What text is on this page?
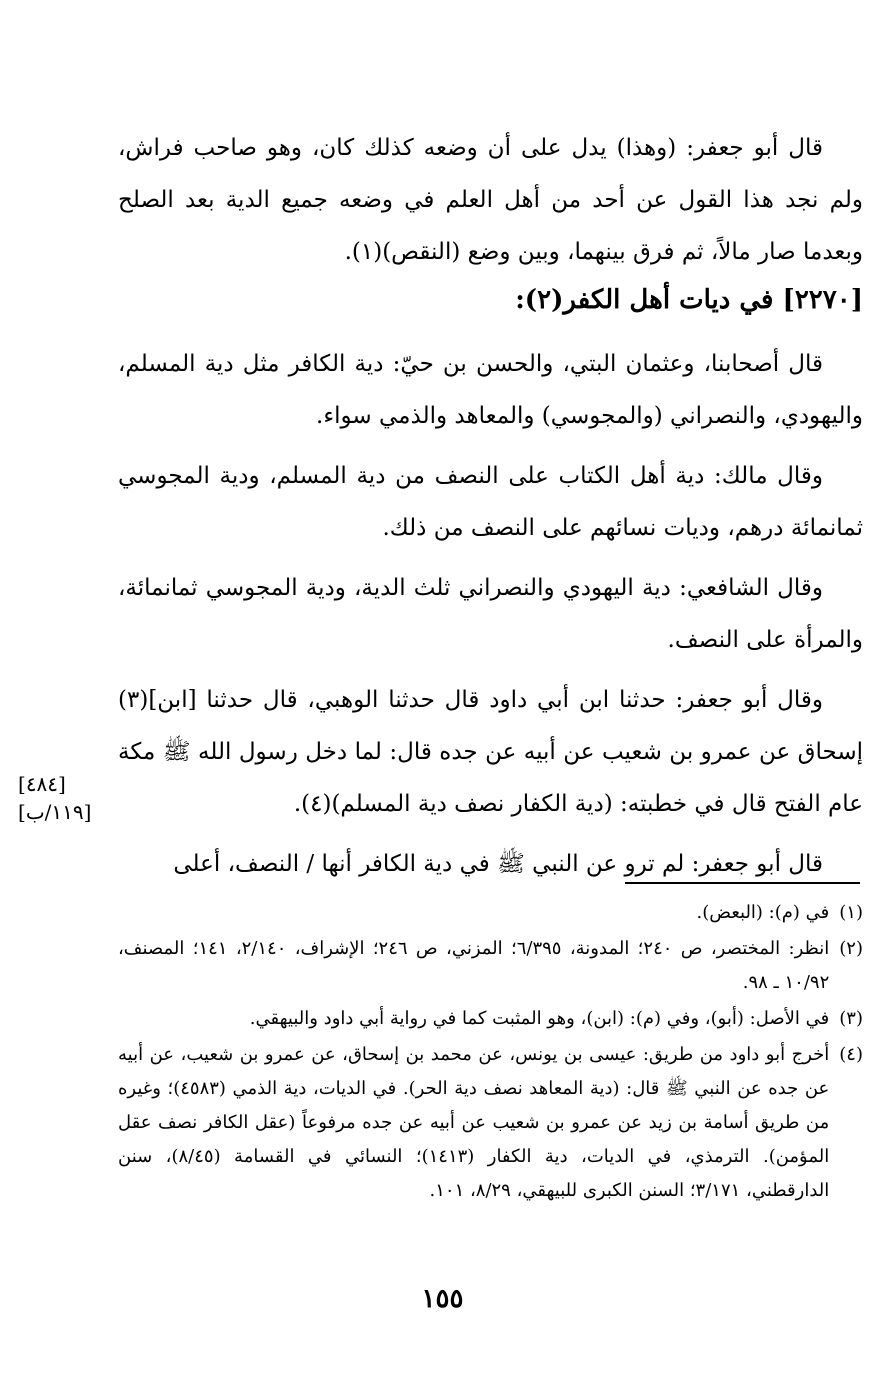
قال أبو جعفر: (وهذا) يدل على أن وضعه كذلك كان، وهو صاحب فراش، ولم نجد هذا القول عن أحد من أهل العلم في وضعه جميع الدية بعد الصلح وبعدما صار مالاً، ثم فرق بينهما، وبين وضع (النقص)(١).

[٢٢٧٠] في ديات أهل الكفر(٢):

قال أصحابنا، وعثمان البتي، والحسن بن حيّ: دية الكافر مثل دية المسلم، واليهودي، والنصراني (والمجوسي) والمعاهد والذمي سواء.

وقال مالك: دية أهل الكتاب على النصف من دية المسلم، ودية المجوسي ثمانمائة درهم، وديات نسائهم على النصف من ذلك.

وقال الشافعي: دية اليهودي والنصراني ثلث الدية، ودية المجوسي ثمانمائة، والمرأة على النصف.

وقال أبو جعفر: حدثنا ابن أبي داود قال حدثنا الوهبي، قال حدثنا [ابن](٣) إسحاق عن عمرو بن شعيب عن أبيه عن جده قال: لما دخل رسول الله ﷺ مكة عام الفتح قال في خطبته: (دية الكفار نصف دية المسلم)(٤).

قال أبو جعفر: لم ترو عن النبي ﷺ في دية الكافر أنها / النصف، أعلى

[٤٨٤]
[١١٩/ب]
(١)
في (م): (البعض).
(٢)
انظر: المختصر، ص ٢٤٠؛ المدونة، ٦/٣٩٥؛ المزني، ص ٢٤٦؛ الإشراف، ٢/١٤٠، ١٤١؛ المصنف، ١٠/٩٢ ـ ٩٨.
(٣)
في الأصل: (أبو)، وفي (م): (ابن)، وهو المثبت كما في رواية أبي داود والبيهقي.
(٤)
أخرج أبو داود من طريق: عيسى بن يونس، عن محمد بن إسحاق، عن عمرو بن شعيب، عن أبيه عن جده عن النبي ﷺ قال: (دية المعاهد نصف دية الحر). في الديات، دية الذمي (٤٥٨٣)؛ وغيره من طريق أسامة بن زيد عن عمرو بن شعيب عن أبيه عن جده مرفوعاً (عقل الكافر نصف عقل المؤمن). الترمذي، في الديات، دية الكفار (١٤١٣)؛ النسائي في القسامة (٨/٤٥)، سنن الدارقطني، ٣/١٧١؛ السنن الكبرى للبيهقي، ٨/٢٩، ١٠١.
١٥٥
